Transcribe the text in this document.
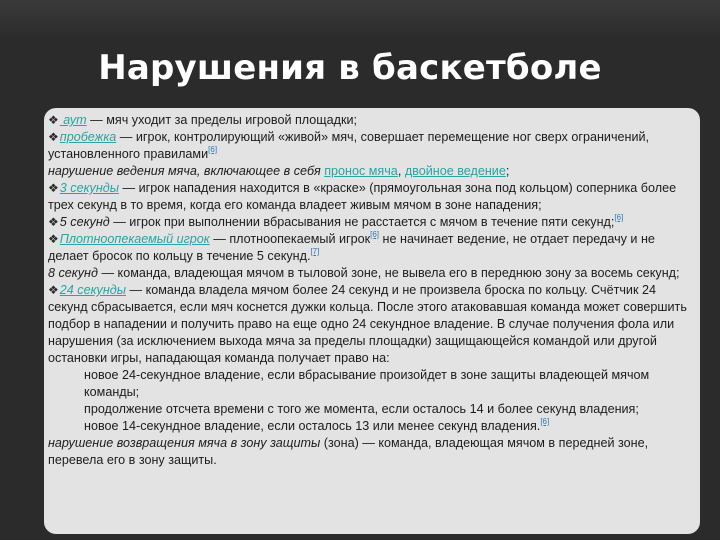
Нарушения в баскетболе

❖ аут — мяч уходит за пределы игровой площадки;

❖пробежка — игрок, контролирующий «живой» мяч, совершает перемещение ног сверх ограничений, установленного правилами[6]

нарушение ведения мяча, включающее в себя пронос мяча, двойное ведение;

❖3 секунды — игрок нападения находится в «краске» (прямоугольная зона под кольцом) соперника более трех секунд в то время, когда его команда владеет живым мячом в зоне нападения;

❖5 секунд — игрок при выполнении вбрасывания не расстается с мячом в течение пяти секунд;[6]

❖Плотноопекаемый игрок — плотноопекаемый игрок[6] не начинает ведение, не отдает передачу и не делает бросок по кольцу в течение 5 секунд.[7]

8 секунд — команда, владеющая мячом в тыловой зоне, не вывела его в переднюю зону за восемь секунд;

❖24 секунды — команда владела мячом более 24 секунд и не произвела броска по кольцу. Счётчик 24 секунд сбрасывается, если мяч коснется дужки кольца. После этого атаковавшая команда может совершить подбор в нападении и получить право на еще одно 24 секундное владение. В случае получения фола или нарушения (за исключением выхода мяча за пределы площадки) защищающейся командой или другой остановки игры, нападающая команда получает право на:

новое 24-секундное владение, если вбрасывание произойдет в зоне защиты владеющей мячом команды;

продолжение отсчета времени с того же момента, если осталось 14 и более секунд владения;

новое 14-секундное владение, если осталось 13 или менее секунд владения.[6]

нарушение возвращения мяча в зону защиты (зона) — команда, владеющая мячом в передней зоне, перевела его в зону защиты.
